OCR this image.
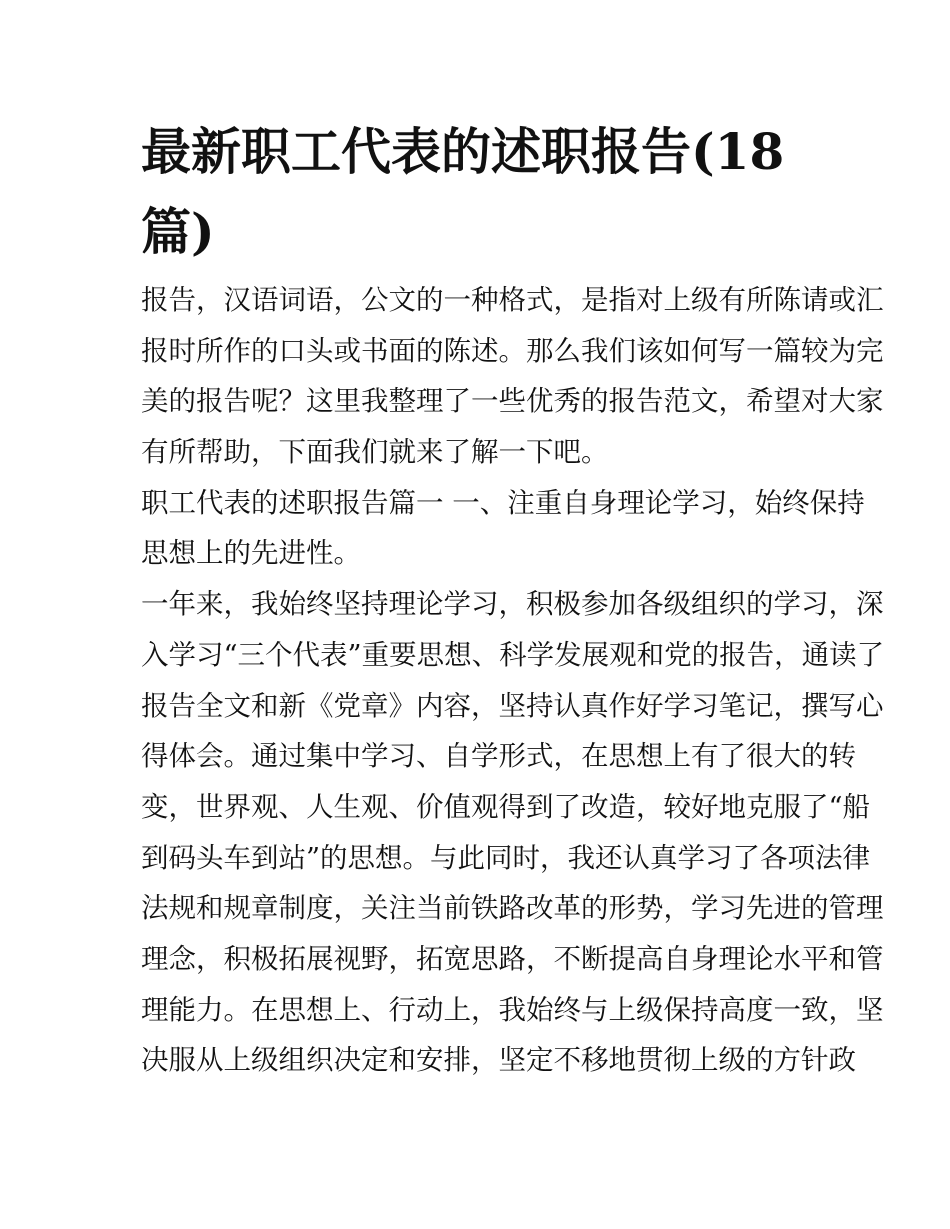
最新职工代表的述职报告(18
篇)
报告，汉语词语，公文的一种格式，是指对上级有所陈请或汇
报时所作的口头或书面的陈述。那么我们该如何写一篇较为完
美的报告呢？这里我整理了一些优秀的报告范文，希望对大家
有所帮助，下面我们就来了解一下吧。
职工代表的述职报告篇一 一、注重自身理论学习，始终保持
思想上的先进性。
一年来，我始终坚持理论学习，积极参加各级组织的学习，深
入学习“三个代表”重要思想、科学发展观和党的报告，通读了
报告全文和新《党章》内容，坚持认真作好学习笔记，撰写心
得体会。通过集中学习、自学形式，在思想上有了很大的转
变，世界观、人生观、价值观得到了改造，较好地克服了“船
到码头车到站”的思想。与此同时，我还认真学习了各项法律
法规和规章制度，关注当前铁路改革的形势，学习先进的管理
理念，积极拓展视野，拓宽思路，不断提高自身理论水平和管
理能力。在思想上、行动上，我始终与上级保持高度一致，坚
决服从上级组织决定和安排，坚定不移地贯彻上级的方针政
